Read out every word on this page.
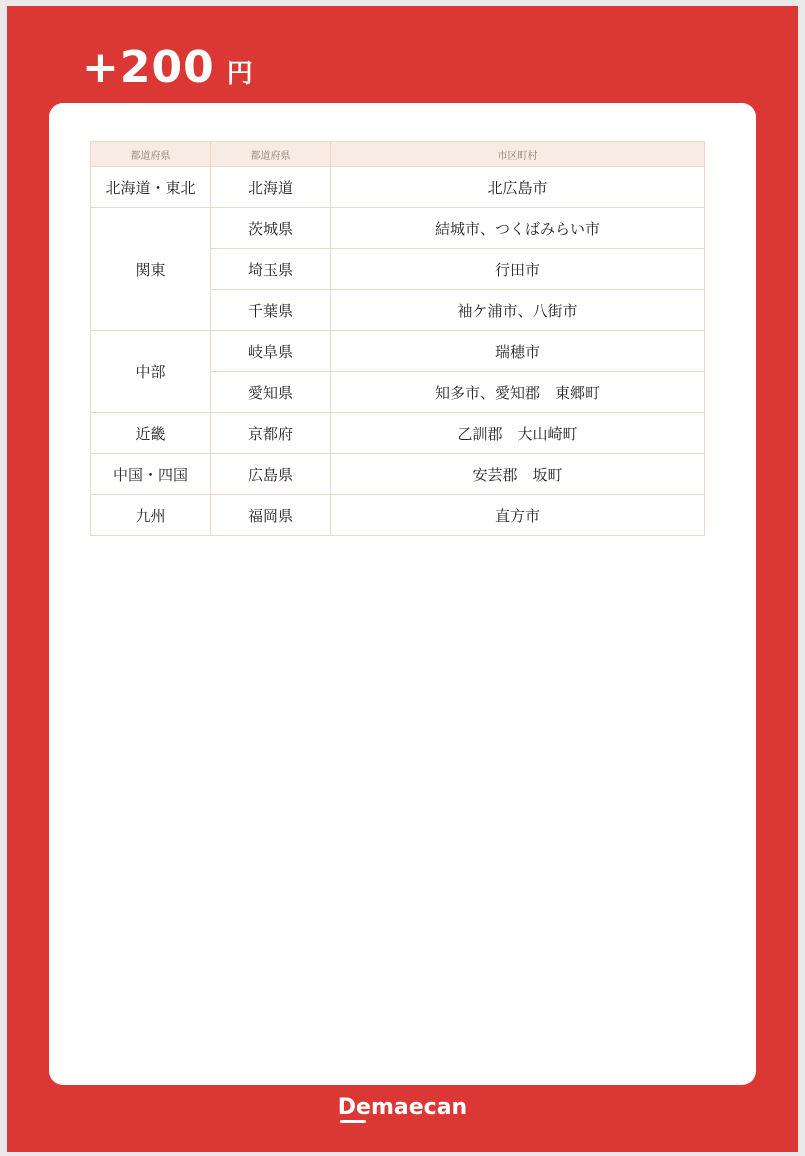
+200 円
都道府県	都道府県	市区町村
北海道・東北	北海道	北広島市
関東	茨城県	結城市、つくばみらい市
	埼玉県	行田市
	千葉県	袖ケ浦市、八街市
中部	岐阜県	瑞穂市
	愛知県	知多市、愛知郡　東郷町
近畿	京都府	乙訓郡　大山崎町
中国・四国	広島県	安芸郡　坂町
九州	福岡県	直方市
Demaecan
